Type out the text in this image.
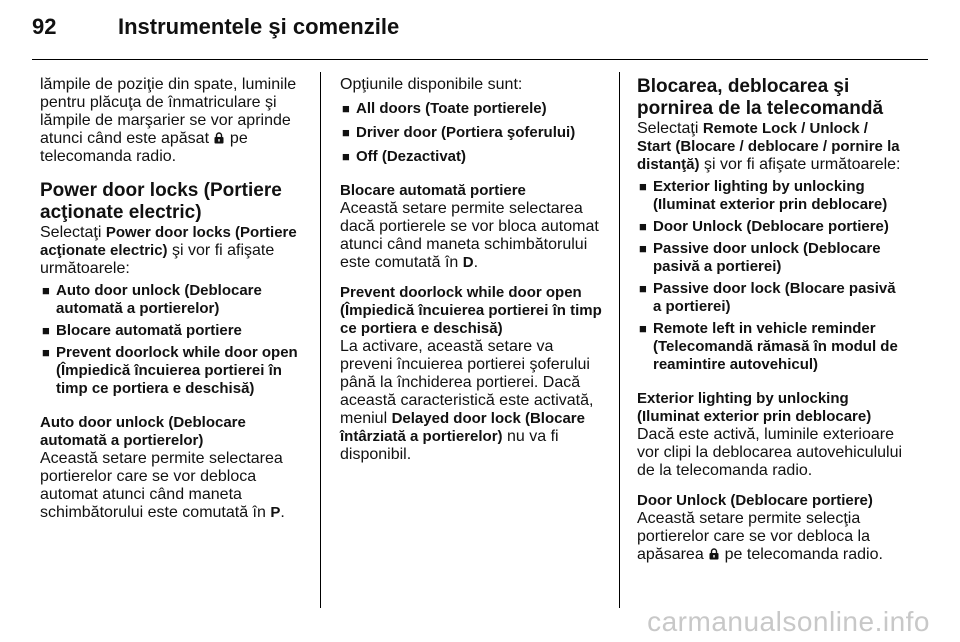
92	Instrumentele şi comenzile

lămpile de poziţie din spate, luminile pentru plăcuţa de înmatriculare şi lămpile de marşarier se vor aprinde atunci când este apăsat pe telecomanda radio.

Power door locks (Portiere acţionate electric)

Selectaţi Power door locks (Portiere acţionate electric) şi vor fi afişate următoarele:

■ Auto door unlock (Deblocare automată a portierelor)
■ Blocare automată portiere
■ Prevent doorlock while door open (Împiedică încuierea portierei în timp ce portiera e deschisă)

Auto door unlock (Deblocare automată a portierelor)

Această setare permite selectarea portierelor care se vor debloca automat atunci când maneta schimbătorului este comutată în P.

Opţiunile disponibile sunt:

■ All doors (Toate portierele)
■ Driver door (Portiera şoferului)
■ Off (Dezactivat)

Blocare automată portiere

Această setare permite selectarea dacă portierele se vor bloca automat atunci când maneta schimbătorului este comutată în D.

Prevent doorlock while door open (Împiedică încuierea portierei în timp ce portiera e deschisă)

La activare, această setare va preveni încuierea portierei şoferului până la închiderea portierei. Dacă această caracteristică este activată, meniul Delayed door lock (Blocare întârziată a portierelor) nu va fi disponibil.

Blocarea, deblocarea şi pornirea de la telecomandă

Selectaţi Remote Lock / Unlock / Start (Blocare / deblocare / pornire la distanţă) şi vor fi afişate următoarele:

■ Exterior lighting by unlocking (Iluminat exterior prin deblocare)
■ Door Unlock (Deblocare portiere)
■ Passive door unlock (Deblocare pasivă a portierei)
■ Passive door lock (Blocare pasivă a portierei)
■ Remote left in vehicle reminder (Telecomandă rămasă în modul de reamintire autovehicul)

Exterior lighting by unlocking (Iluminat exterior prin deblocare)

Dacă este activă, luminile exterioare vor clipi la deblocarea autovehiculului de la telecomanda radio.

Door Unlock (Deblocare portiere)

Această setare permite selecţia portierelor care se vor debloca la apăsarea pe telecomanda radio.

carmanualsonline.info
